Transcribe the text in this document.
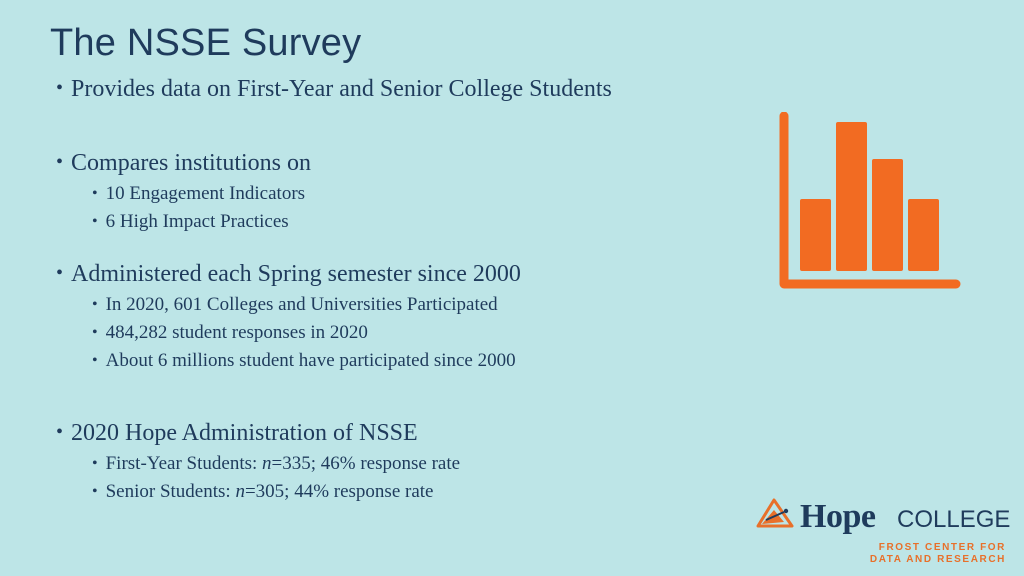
The NSSE Survey
• Provides data on First-Year and Senior College Students
• Compares institutions on
• 10 Engagement Indicators
• 6 High Impact Practices
• Administered each Spring semester since 2000
• In 2020, 601 Colleges and Universities Participated
• 484,282 student responses in 2020
• About 6 millions student have participated since 2000
• 2020 Hope Administration of NSSE
• First-Year Students: n=335; 46% response rate
• Senior Students: n=305; 44% response rate
Hope COLLEGE
FROST CENTER FOR
DATA AND RESEARCH
